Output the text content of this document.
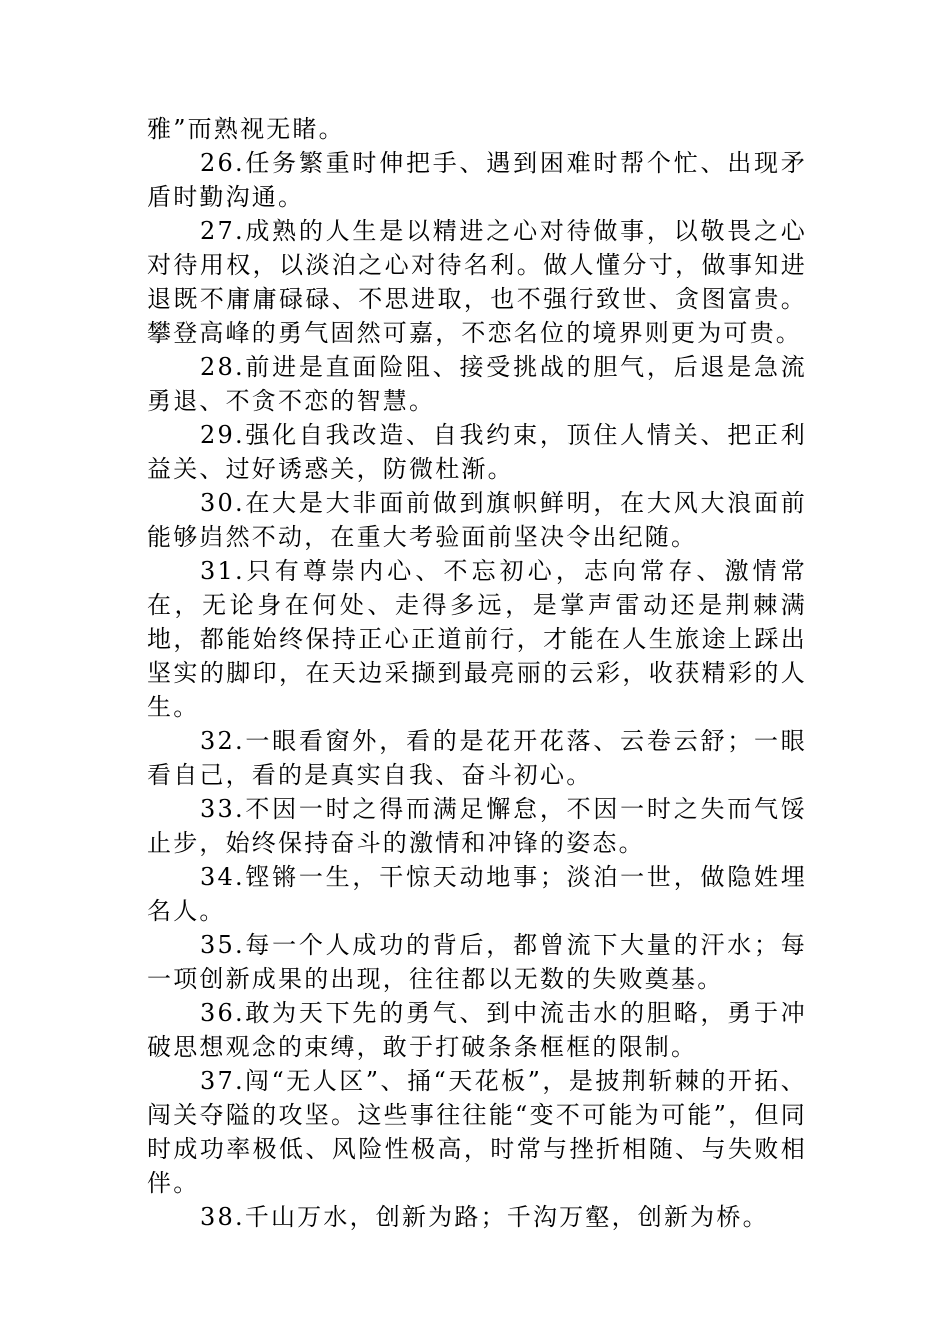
雅”而熟视无睹。

26.任务繁重时伸把手、遇到困难时帮个忙、出现矛盾时勤沟通。

27.成熟的人生是以精进之心对待做事，以敬畏之心对待用权，以淡泊之心对待名利。做人懂分寸，做事知进退既不庸庸碌碌、不思进取，也不强行致世、贪图富贵。攀登高峰的勇气固然可嘉，不恋名位的境界则更为可贵。

28.前进是直面险阻、接受挑战的胆气，后退是急流勇退、不贪不恋的智慧。

29.强化自我改造、自我约束，顶住人情关、把正利益关、过好诱惑关，防微杜渐。

30.在大是大非面前做到旗帜鲜明，在大风大浪面前能够岿然不动，在重大考验面前坚决令出纪随。

31.只有尊崇内心、不忘初心，志向常存、激情常在，无论身在何处、走得多远，是掌声雷动还是荆棘满地，都能始终保持正心正道前行，才能在人生旅途上踩出坚实的脚印，在天边采撷到最亮丽的云彩，收获精彩的人生。

32.一眼看窗外，看的是花开花落、云卷云舒；一眼看自己，看的是真实自我、奋斗初心。

33.不因一时之得而满足懈怠，不因一时之失而气馁止步，始终保持奋斗的激情和冲锋的姿态。

34.铿锵一生，干惊天动地事；淡泊一世，做隐姓埋名人。

35.每一个人成功的背后，都曾流下大量的汗水；每一项创新成果的出现，往往都以无数的失败奠基。

36.敢为天下先的勇气、到中流击水的胆略，勇于冲破思想观念的束缚，敢于打破条条框框的限制。

37.闯“无人区”、捅“天花板”，是披荆斩棘的开拓、闯关夺隘的攻坚。这些事往往能“变不可能为可能”，但同时成功率极低、风险性极高，时常与挫折相随、与失败相伴。

38.千山万水，创新为路；千沟万壑，创新为桥。
